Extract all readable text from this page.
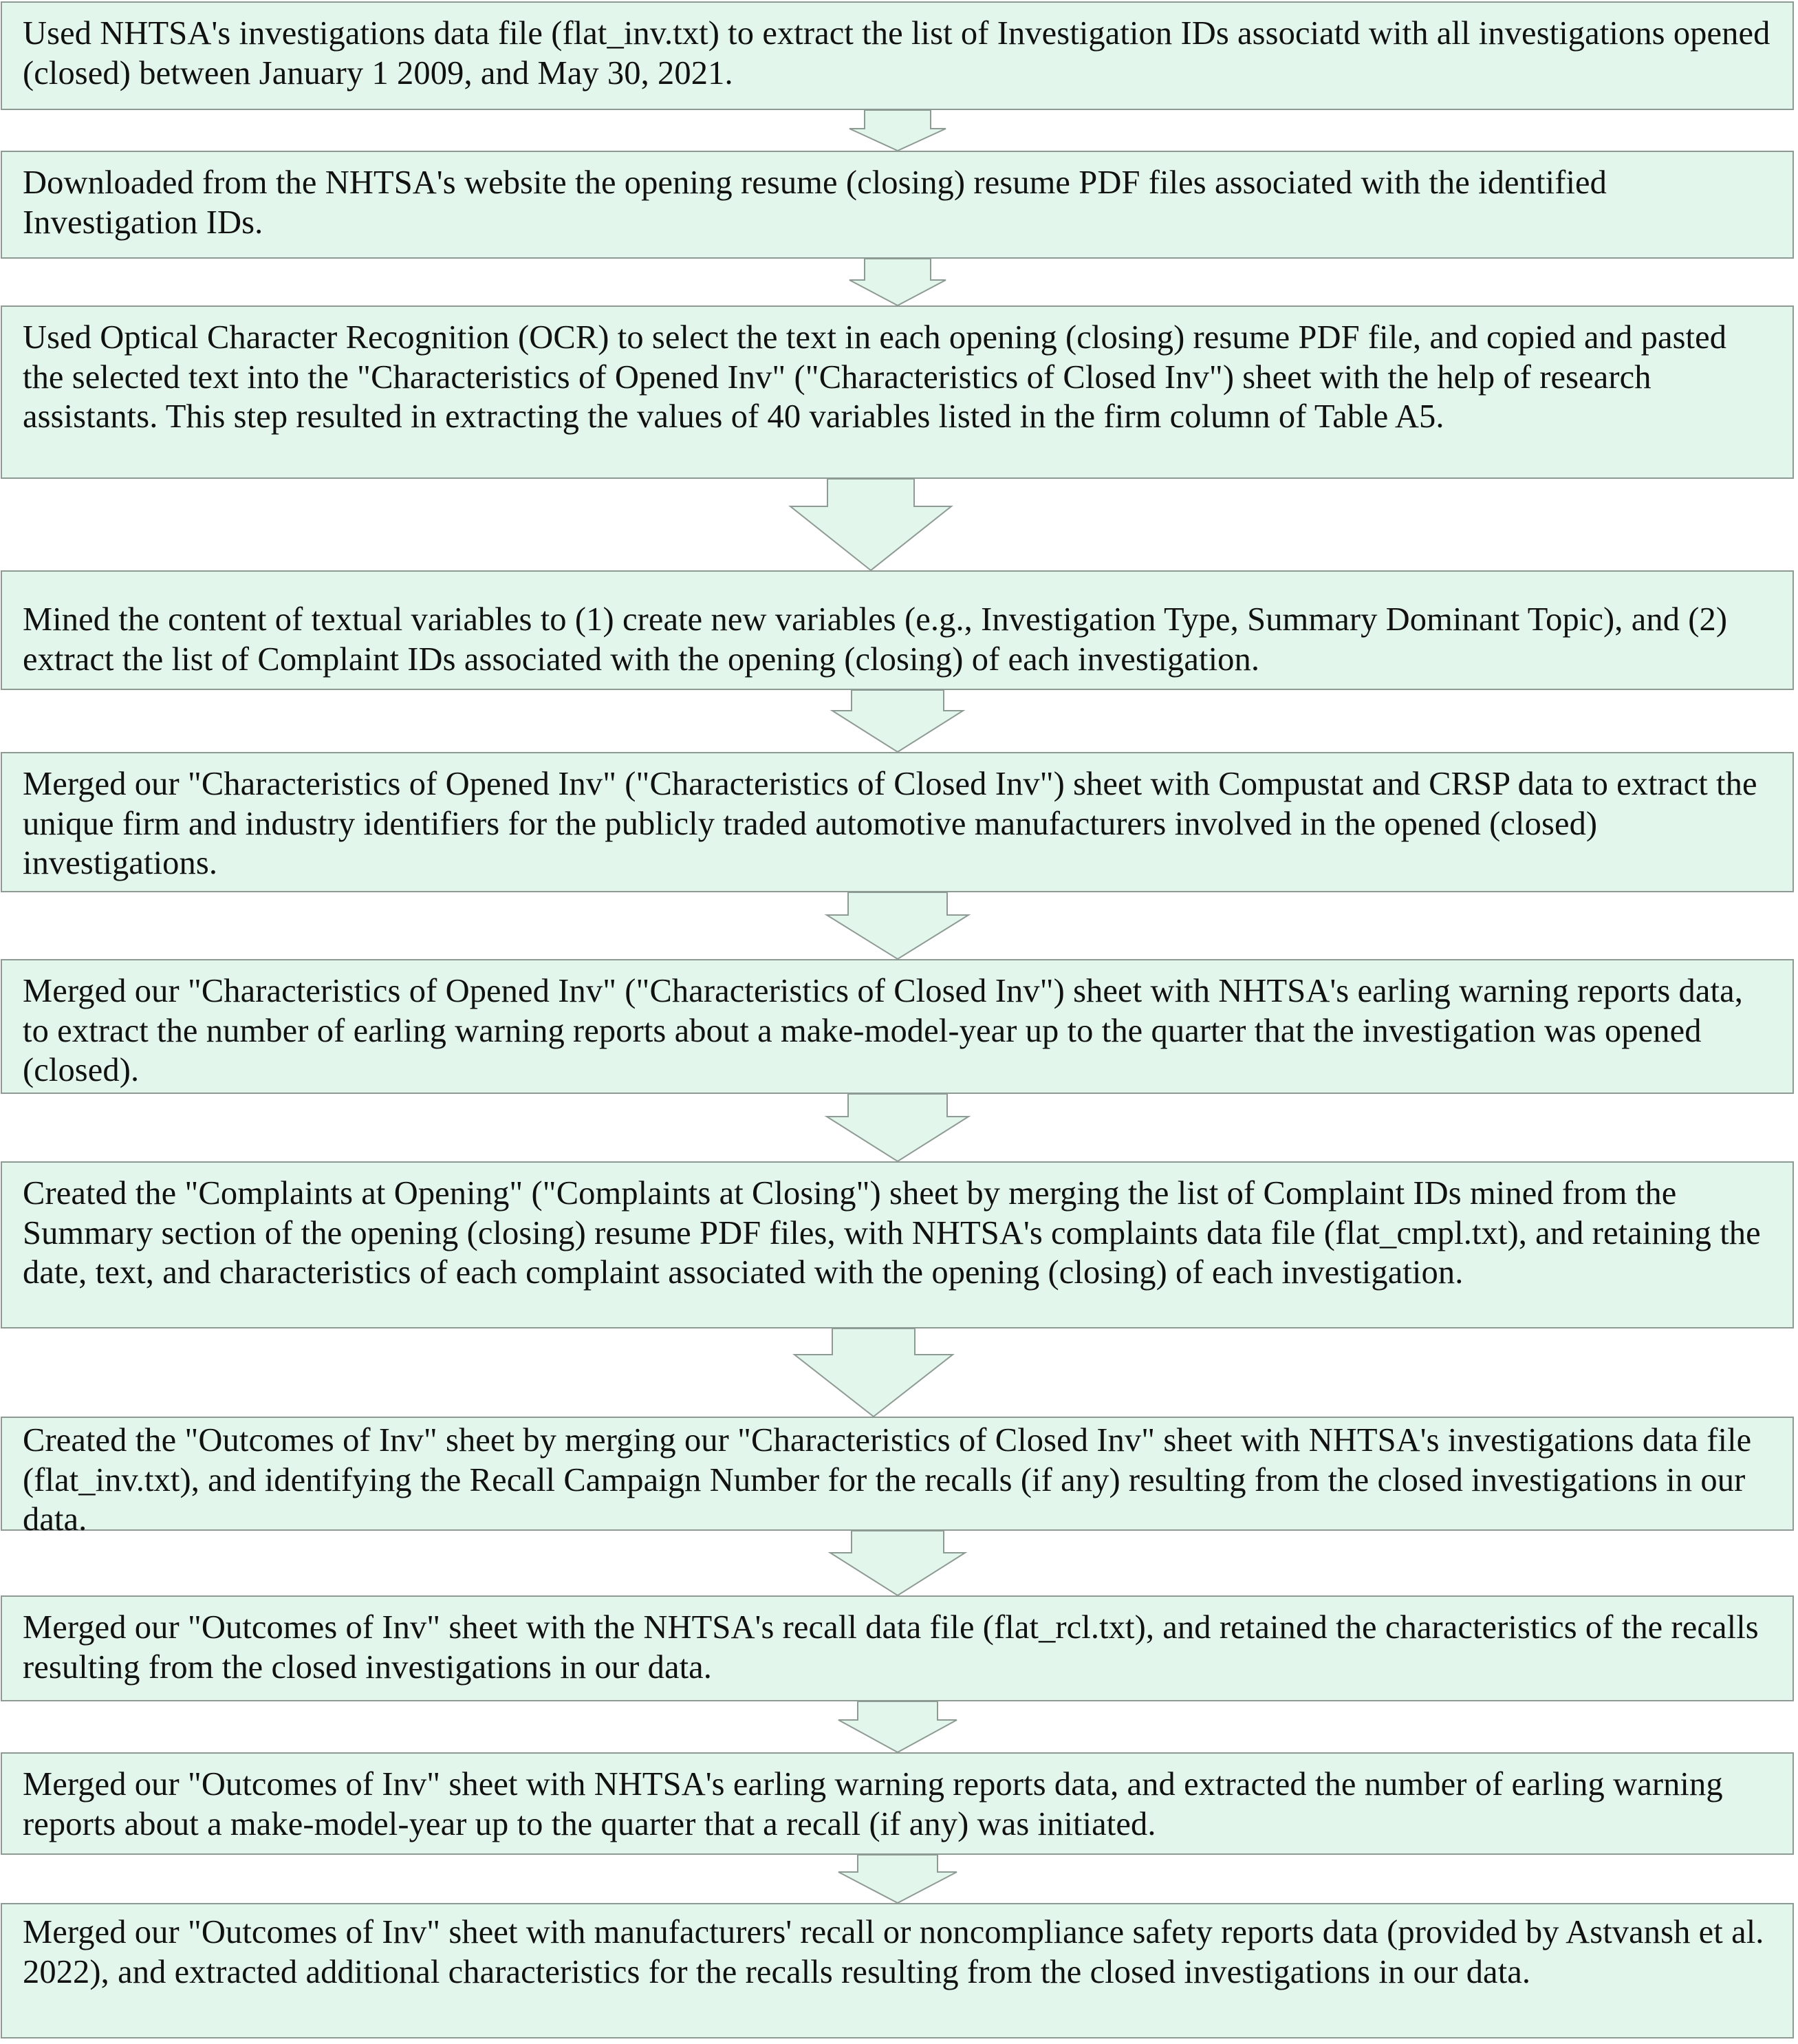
Used NHTSA's investigations data file (flat_inv.txt) to extract the list of Investigation IDs associatd with all investigations opened (closed) between January 1 2009, and May 30, 2021.

Downloaded from the NHTSA's website the opening resume (closing) resume PDF files associated with the identified Investigation IDs.

Used Optical Character Recognition (OCR) to select the text in each opening (closing) resume PDF file, and copied and pasted the selected text into the "Characteristics of Opened Inv" ("Characteristics of Closed Inv") sheet with the help of research assistants. This step resulted in extracting the values of 40 variables listed in the firm column of Table A5.

Mined the content of textual variables to (1) create new variables (e.g., Investigation Type, Summary Dominant Topic), and (2) extract the list of Complaint IDs associated with the opening (closing) of each investigation.

Merged our "Characteristics of Opened Inv" ("Characteristics of Closed Inv") sheet with Compustat and CRSP data to extract the unique firm and industry identifiers for the publicly traded automotive manufacturers involved in the opened (closed) investigations.

Merged our "Characteristics of Opened Inv" ("Characteristics of Closed Inv") sheet with NHTSA's earling warning reports data, to extract the number of earling warning reports about a make-model-year up to the quarter that the investigation was opened (closed).

Created the "Complaints at Opening" ("Complaints at Closing") sheet by merging the list of Complaint IDs mined from the Summary section of the opening (closing) resume PDF files, with NHTSA's complaints data file (flat_cmpl.txt), and retaining the date, text, and characteristics of each complaint associated with the opening (closing) of each investigation.

Created the "Outcomes of Inv" sheet by merging our "Characteristics of Closed Inv" sheet with NHTSA's investigations data file (flat_inv.txt), and identifying the Recall Campaign Number for the recalls (if any) resulting from the closed investigations in our data.

Merged our "Outcomes of Inv" sheet with the NHTSA's recall data file (flat_rcl.txt), and retained the characteristics of the recalls resulting from the closed investigations in our data.

Merged our "Outcomes of Inv" sheet with NHTSA's earling warning reports data, and extracted the number of earling warning reports about a make-model-year up to the quarter that a recall (if any) was initiated.

Merged our "Outcomes of Inv" sheet with manufacturers' recall or noncompliance safety reports data (provided by Astvansh et al. 2022), and extracted additional characteristics for the recalls resulting from the closed investigations in our data.
